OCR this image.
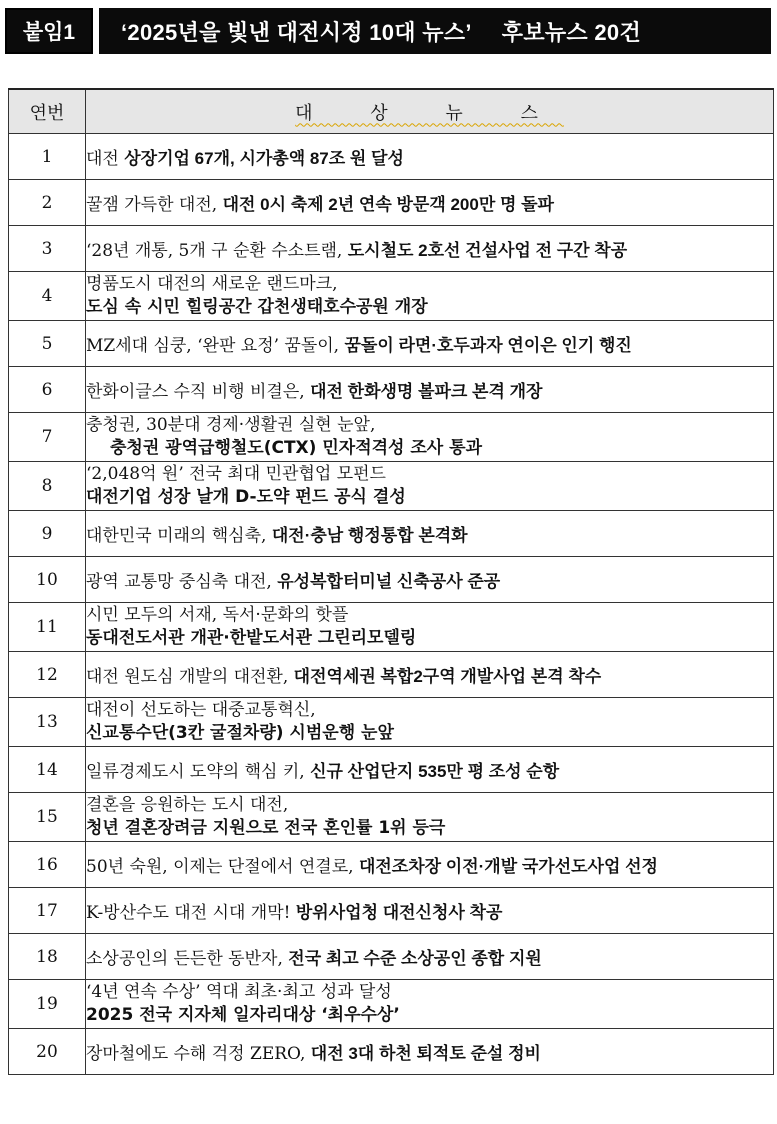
붙임1	‘2025년을 빛낸 대전시정 10대 뉴스’ 후보뉴스 20건
연번	대 상 뉴 스
1	대전 상장기업 67개, 시가총액 87조 원 달성
2	꿀잼 가득한 대전, 대전 0시 축제 2년 연속 방문객 200만 명 돌파
3	‘28년 개통, 5개 구 순환 수소트램, 도시철도 2호선 건설사업 전 구간 착공
4	명품도시 대전의 새로운 랜드마크,
도심 속 시민 힐링공간 갑천생태호수공원 개장

5	MZ세대 심쿵, ‘완판 요정’ 꿈돌이, 꿈돌이 라면·호두과자 연이은 인기 행진
6	한화이글스 수직 비행 비결은, 대전 한화생명 볼파크 본격 개장
7	충청권, 30분대 경제·생활권 실현 눈앞,
충청권 광역급행철도(CTX) 민자적격성 조사 통과

8	‘2,048억 원’ 전국 최대 민관협업 모펀드
대전기업 성장 날개 D-도약 펀드 공식 결성

9	대한민국 미래의 핵심축, 대전·충남 행정통합 본격화
10	광역 교통망 중심축 대전, 유성복합터미널 신축공사 준공
11	시민 모두의 서재, 독서·문화의 핫플
동대전도서관 개관·한밭도서관 그린리모델링

12	대전 원도심 개발의 대전환, 대전역세권 복합2구역 개발사업 본격 착수
13	대전이 선도하는 대중교통혁신,
신교통수단(3칸 굴절차량) 시범운행 눈앞

14	일류경제도시 도약의 핵심 키, 신규 산업단지 535만 평 조성 순항
15	결혼을 응원하는 도시 대전,
청년 결혼장려금 지원으로 전국 혼인률 1위 등극

16	50년 숙원, 이제는 단절에서 연결로, 대전조차장 이전·개발 국가선도사업 선정
17	K-방산수도 대전 시대 개막! 방위사업청 대전신청사 착공
18	소상공인의 든든한 동반자, 전국 최고 수준 소상공인 종합 지원
19	‘4년 연속 수상’ 역대 최초·최고 성과 달성
2025 전국 지자체 일자리대상 ‘최우수상’

20	장마철에도 수해 걱정 ZERO, 대전 3대 하천 퇴적토 준설 정비
